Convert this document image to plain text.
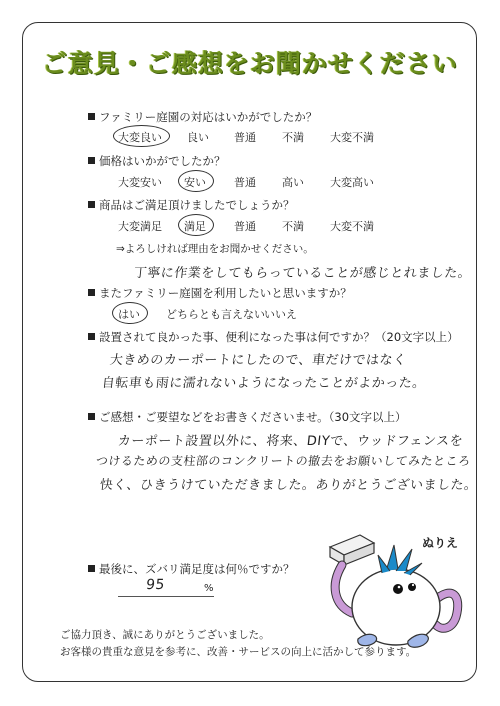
ご意見・ご感想をお聞かせください
ファミリー庭園の対応はいかがでしたか？
大変良い 良い 普通 不満 大変不満
価格はいかがでしたか？
大変安い 安い	普通 高い 大変高い
商品はご満足頂けましたでしょうか？
大変満足 満足	普通 不満 大変不満
⇒よろしければ理由をお聞かせください。
丁寧に作業をしてもらっていることが感じとれました。
またファミリー庭園を利用したいと思いますか？
はい どちらとも言えない いいえ
設置されて良かった事、便利になった事は何ですか？（20文字以上）
大きめのカーポートにしたので、車だけではなく
自転車も雨に濡れないようになったことがよかった。
ご感想・ご要望などをお書きくださいませ。（30文字以上）
カーポート設置以外に、将来、DIYで、ウッドフェンスを
つけるための支柱部のコンクリートの撤去をお願いしてみたところ
快く、ひきうけていただきました。ありがとうございました。
最後に、ズバリ満足度は何％ですか？
95	%
ぬりえ
ご協力頂き、誠にありがとうございました。
お客様の貴重な意見を参考に、改善・サービスの向上に活かして参ります。
